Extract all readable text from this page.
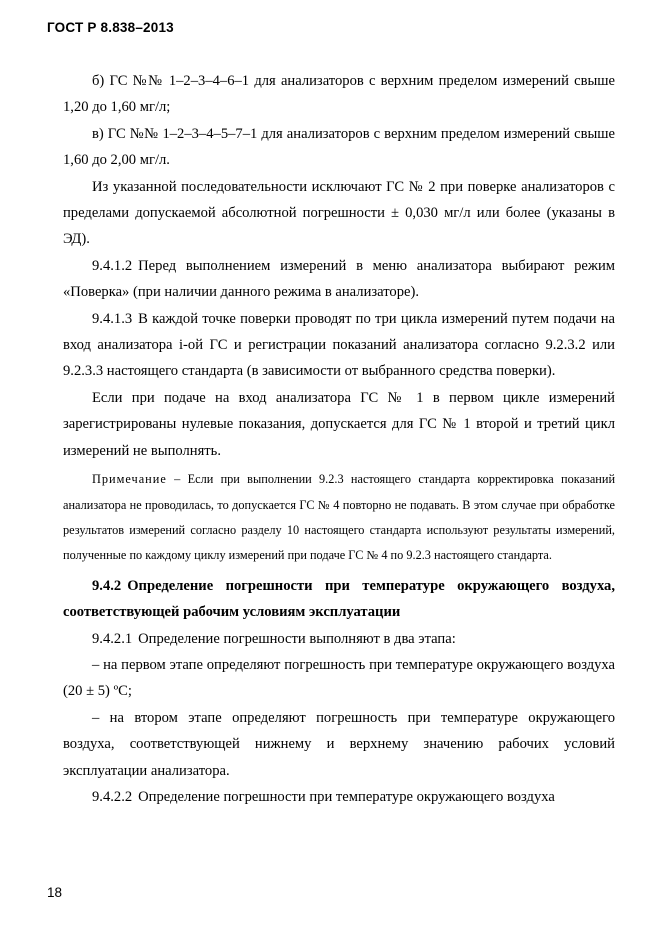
ГОСТ Р 8.838–2013

б) ГС №№ 1–2–3–4–6–1 для анализаторов с верхним пределом измерений свыше 1,20 до 1,60 мг/л;

в) ГС №№ 1–2–3–4–5–7–1 для анализаторов с верхним пределом измерений свыше 1,60 до 2,00 мг/л.

Из указанной последовательности исключают ГС № 2 при поверке анализаторов с пределами допускаемой абсолютной погрешности ± 0,030 мг/л или более (указаны в ЭД).

9.4.1.2 Перед выполнением измерений в меню анализатора выбирают режим «Поверка» (при наличии данного режима в анализаторе).

9.4.1.3 В каждой точке поверки проводят по три цикла измерений путем подачи на вход анализатора i-ой ГС и регистрации показаний анализатора согласно 9.2.3.2 или 9.2.3.3 настоящего стандарта (в зависимости от выбранного средства поверки).

Если при подаче на вход анализатора ГС № 1 в первом цикле измерений зарегистрированы нулевые показания, допускается для ГС № 1 второй и третий цикл измерений не выполнять.

Примечание – Если при выполнении 9.2.3 настоящего стандарта корректировка показаний анализатора не проводилась, то допускается ГС № 4 повторно не подавать. В этом случае при обработке результатов измерений согласно разделу 10 настоящего стандарта используют результаты измерений, полученные по каждому циклу измерений при подаче ГС № 4 по 9.2.3 настоящего стандарта.

9.4.2 Определение погрешности при температуре окружающего воздуха, соответствующей рабочим условиям эксплуатации

9.4.2.1 Определение погрешности выполняют в два этапа:

– на первом этапе определяют погрешность при температуре окружающего воздуха (20 ± 5) ºС;

– на втором этапе определяют погрешность при температуре окружающего воздуха, соответствующей нижнему и верхнему значению рабочих условий эксплуатации анализатора.

9.4.2.2 Определение погрешности при температуре окружающего воздуха

18
